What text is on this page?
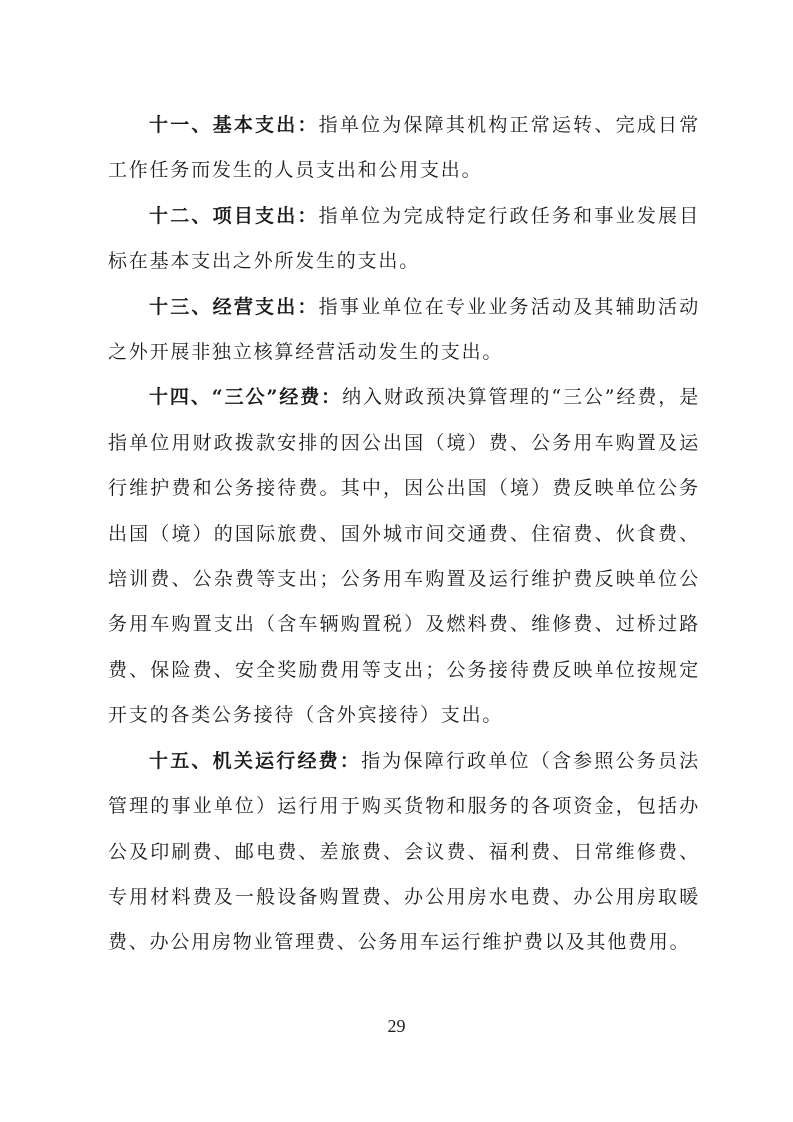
十一、基本支出：指单位为保障其机构正常运转、完成日常工作任务而发生的人员支出和公用支出。

十二、项目支出：指单位为完成特定行政任务和事业发展目标在基本支出之外所发生的支出。

十三、经营支出：指事业单位在专业业务活动及其辅助活动之外开展非独立核算经营活动发生的支出。

十四、“三公”经费：纳入财政预决算管理的“三公”经费，是指单位用财政拨款安排的因公出国（境）费、公务用车购置及运行维护费和公务接待费。其中，因公出国（境）费反映单位公务出国（境）的国际旅费、国外城市间交通费、住宿费、伙食费、培训费、公杂费等支出；公务用车购置及运行维护费反映单位公务用车购置支出（含车辆购置税）及燃料费、维修费、过桥过路费、保险费、安全奖励费用等支出；公务接待费反映单位按规定开支的各类公务接待（含外宾接待）支出。

十五、机关运行经费：指为保障行政单位（含参照公务员法管理的事业单位）运行用于购买货物和服务的各项资金，包括办公及印刷费、邮电费、差旅费、会议费、福利费、日常维修费、专用材料费及一般设备购置费、办公用房水电费、办公用房取暖费、办公用房物业管理费、公务用车运行维护费以及其他费用。

29
